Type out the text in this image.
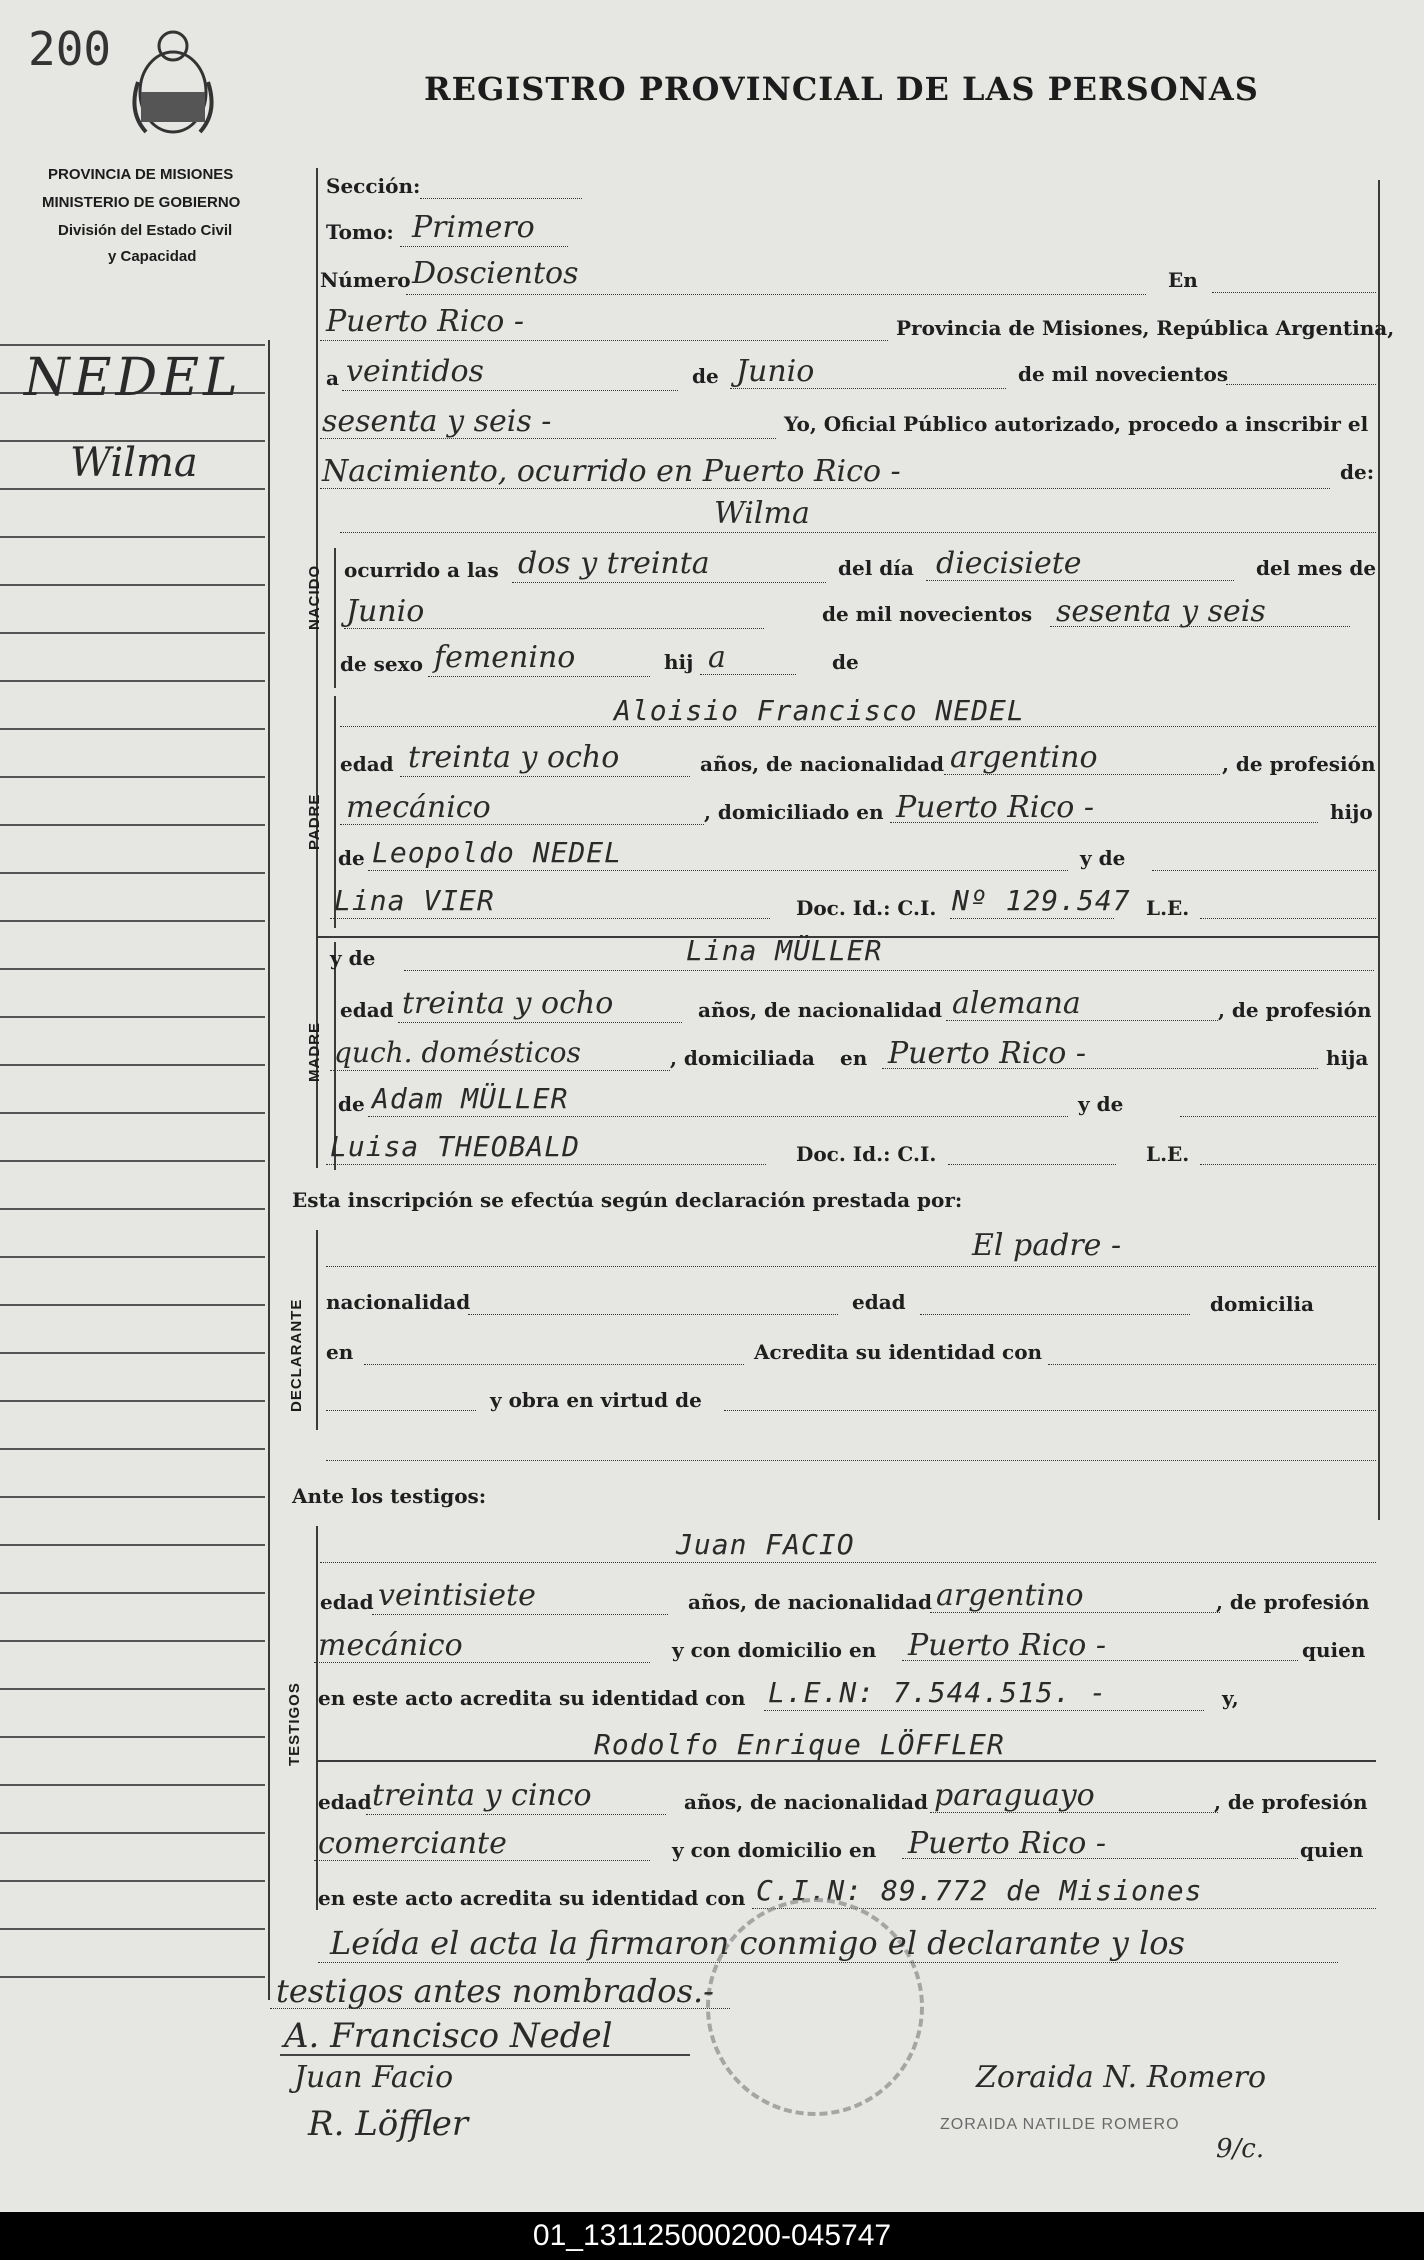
200
REGISTRO PROVINCIAL DE LAS PERSONAS
PROVINCIA DE MISIONES
MINISTERIO DE GOBIERNO
División del Estado Civil
y Capacidad
NEDEL
Wilma
Sección:
Tomo: Primero
Número Doscientos	En
Puerto Rico -	Provincia de Misiones, República Argentina,
a veintidos	de Junio	de mil novecientos
sesenta y seis -	Yo, Oficial Público autorizado, procedo a inscribir el
Nacimiento, ocurrido en Puerto Rico -	de:
Wilma
NACIDO ocurrido a las dos y treinta	del día diecisiete	del mes de
Junio	de mil novecientos sesenta y seis
de sexo femenino	hij a	de
PADRE
Aloisio Francisco NEDEL
edad treinta y ocho	años, de nacionalidad argentino	, de profesión
mecánico	, domiciliado en Puerto Rico -	hijo
de Leopoldo NEDEL	y de
Lina VIER	Doc. Id.: C.I. Nº 129.547 L.E.
MADRE
y de	Lina MÜLLER
edad treinta y ocho	años, de nacionalidad alemana	, de profesión
quch. domésticos	, domiciliada en Puerto Rico -	hija
de Adam MÜLLER	y de
Luisa THEOBALD	Doc. Id.: C.I.	L.E.
Esta inscripción se efectúa según declaración prestada por:
DECLARANTE
El padre -
nacionalidad	edad	domicilia
en	Acredita su identidad con
y obra en virtud de
Ante los testigos:
TESTIGOS
Juan FACIO
edad veintisiete	años, de nacionalidad argentino	, de profesión
mecánico	y con domicilio en Puerto Rico -	quien
en este acto acredita su identidad con L.E.N: 7.544.515. -	y,
Rodolfo Enrique LÖFFLER
edad treinta y cinco	años, de nacionalidad paraguayo	, de profesión
comerciante	y con domicilio en Puerto Rico -	quien
en este acto acredita su identidad con C.I.N: 89.772 de Misiones
Leída el acta la firmaron conmigo el declarante y los
testigos antes nombrados.-
A. Francisco Nedel
Juan Facio	Zoraida N. Romero
R. Löffler	ZORAIDA NATILDE ROMERO
9/c.
01_131125000200-045747
